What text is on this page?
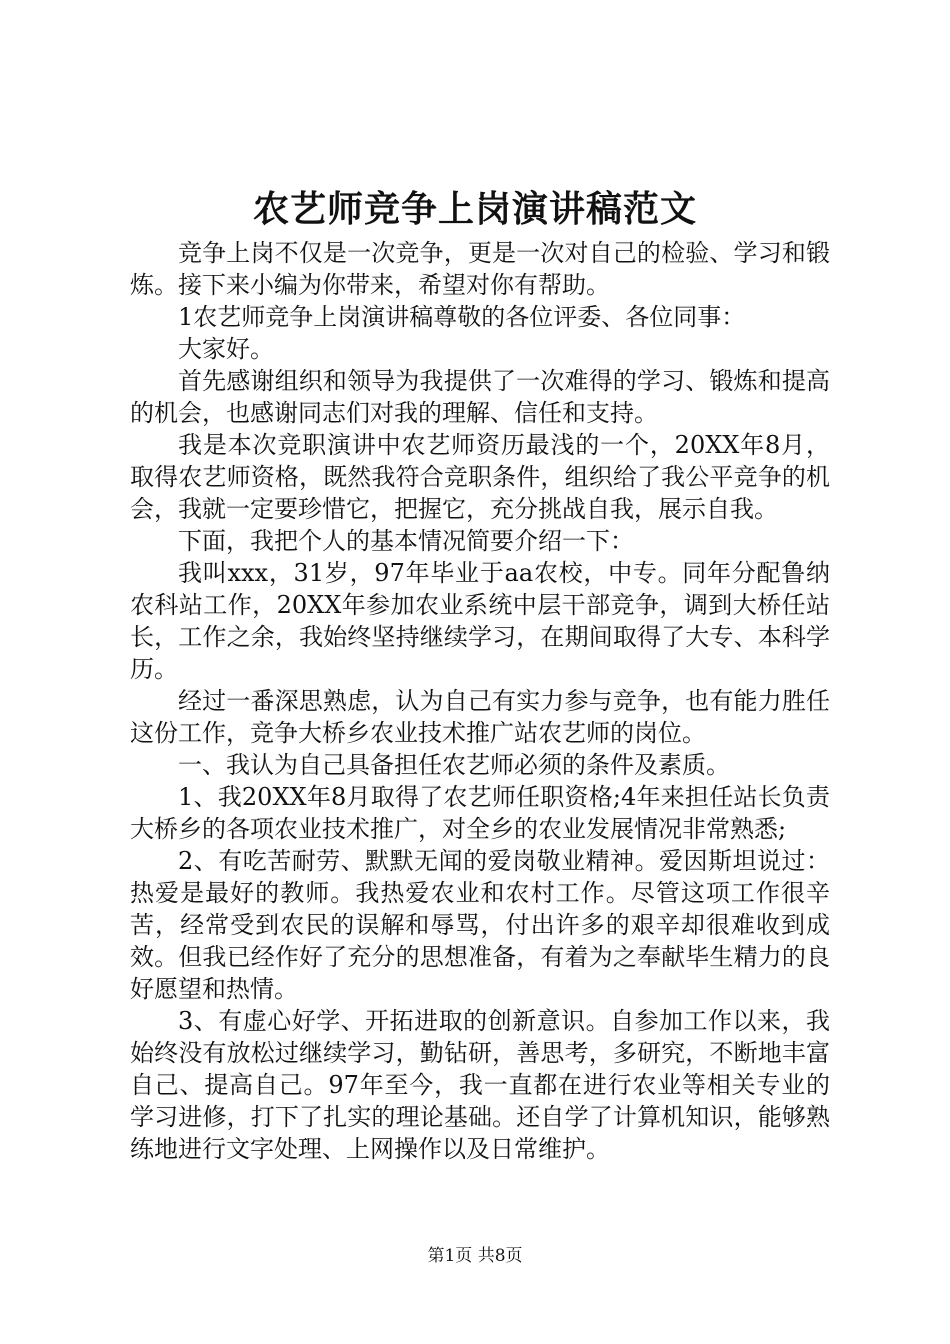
农艺师竞争上岗演讲稿范文

竞争上岗不仅是一次竞争，更是一次对自己的检验、学习和锻炼。接下来小编为你带来，希望对你有帮助。

1农艺师竞争上岗演讲稿尊敬的各位评委、各位同事：

大家好。

首先感谢组织和领导为我提供了一次难得的学习、锻炼和提高的机会，也感谢同志们对我的理解、信任和支持。

我是本次竞职演讲中农艺师资历最浅的一个，20XX年8月，取得农艺师资格，既然我符合竞职条件，组织给了我公平竞争的机会，我就一定要珍惜它，把握它，充分挑战自我，展示自我。

下面，我把个人的基本情况简要介绍一下：

我叫xxx，31岁，97年毕业于aa农校，中专。同年分配鲁纳农科站工作，20XX年参加农业系统中层干部竞争，调到大桥任站长，工作之余，我始终坚持继续学习，在期间取得了大专、本科学历。

经过一番深思熟虑，认为自己有实力参与竞争，也有能力胜任这份工作，竞争大桥乡农业技术推广站农艺师的岗位。

一、我认为自己具备担任农艺师必须的条件及素质。

1、我20XX年8月取得了农艺师任职资格;4年来担任站长负责大桥乡的各项农业技术推广，对全乡的农业发展情况非常熟悉;

2、有吃苦耐劳、默默无闻的爱岗敬业精神。爱因斯坦说过：热爱是最好的教师。我热爱农业和农村工作。尽管这项工作很辛苦，经常受到农民的误解和辱骂，付出许多的艰辛却很难收到成效。但我已经作好了充分的思想准备，有着为之奉献毕生精力的良好愿望和热情。

3、有虚心好学、开拓进取的创新意识。自参加工作以来，我始终没有放松过继续学习，勤钻研，善思考，多研究，不断地丰富自己、提高自己。97年至今，我一直都在进行农业等相关专业的学习进修，打下了扎实的理论基础。还自学了计算机知识，能够熟练地进行文字处理、上网操作以及日常维护。

第1页 共8页
